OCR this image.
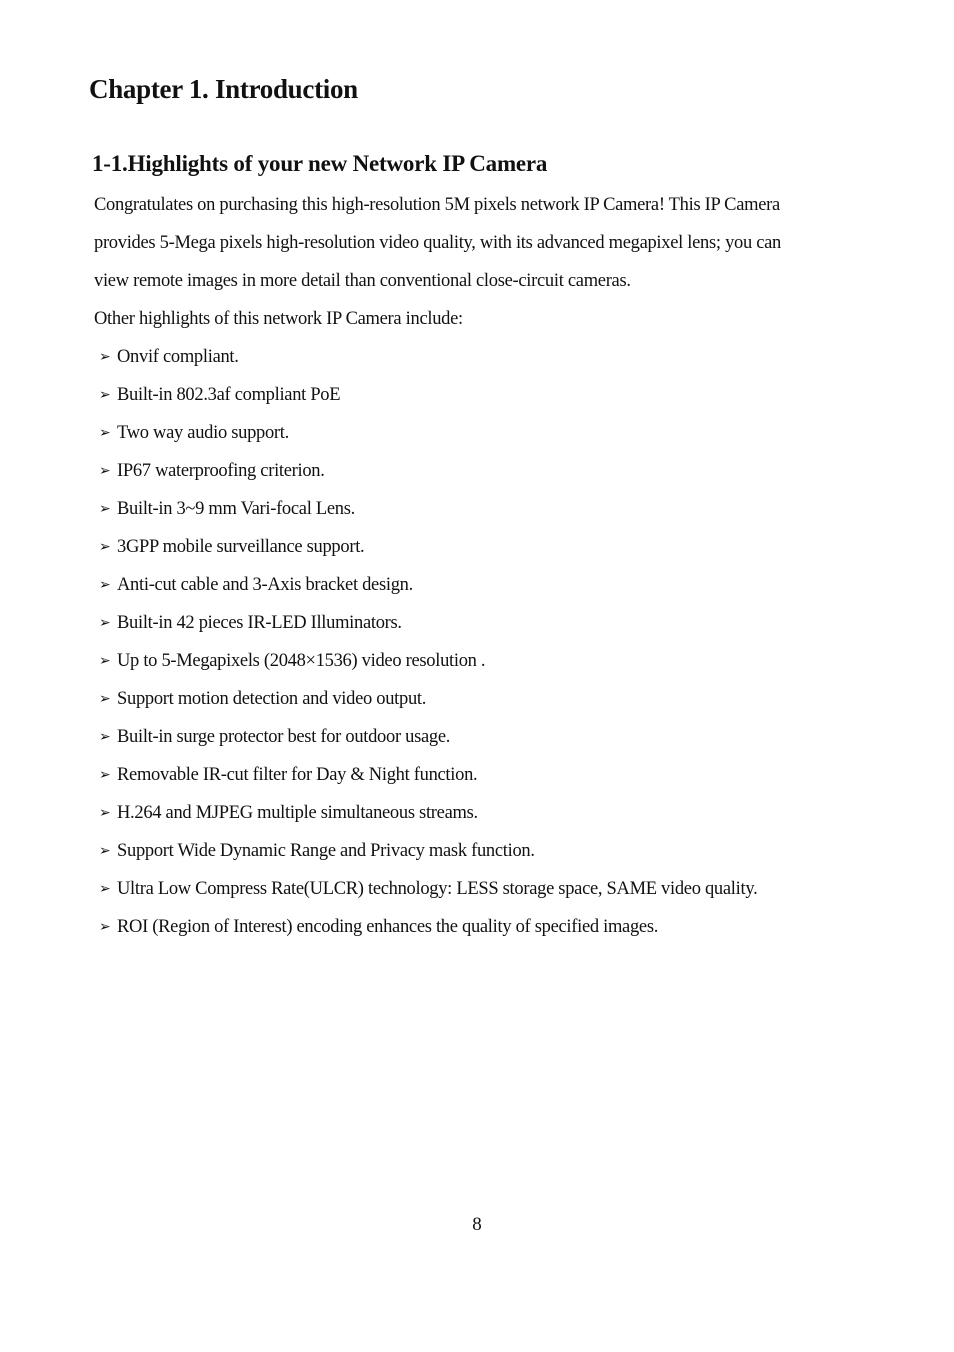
Chapter 1. Introduction
1-1.Highlights of your new Network IP Camera
Congratulates on purchasing this high-resolution 5M pixels network IP Camera! This IP Camera
provides 5-Mega pixels high-resolution video quality, with its advanced megapixel lens; you can
view remote images in more detail than conventional close-circuit cameras.
Other highlights of this network IP Camera include:
➢ Onvif compliant.
➢ Built-in 802.3af compliant PoE
➢ Two way audio support.
➢ IP67 waterproofing criterion.
➢ Built-in 3~9 mm Vari-focal Lens.
➢ 3GPP mobile surveillance support.
➢ Anti-cut cable and 3-Axis bracket design.
➢ Built-in 42 pieces IR-LED Illuminators.
➢ Up to 5-Megapixels (2048×1536) video resolution .
➢ Support motion detection and video output.
➢ Built-in surge protector best for outdoor usage.
➢ Removable IR-cut filter for Day & Night function.
➢ H.264 and MJPEG multiple simultaneous streams.
➢ Support Wide Dynamic Range and Privacy mask function.
➢ Ultra Low Compress Rate(ULCR) technology: LESS storage space, SAME video quality.
➢ ROI (Region of Interest) encoding enhances the quality of specified images.
8
